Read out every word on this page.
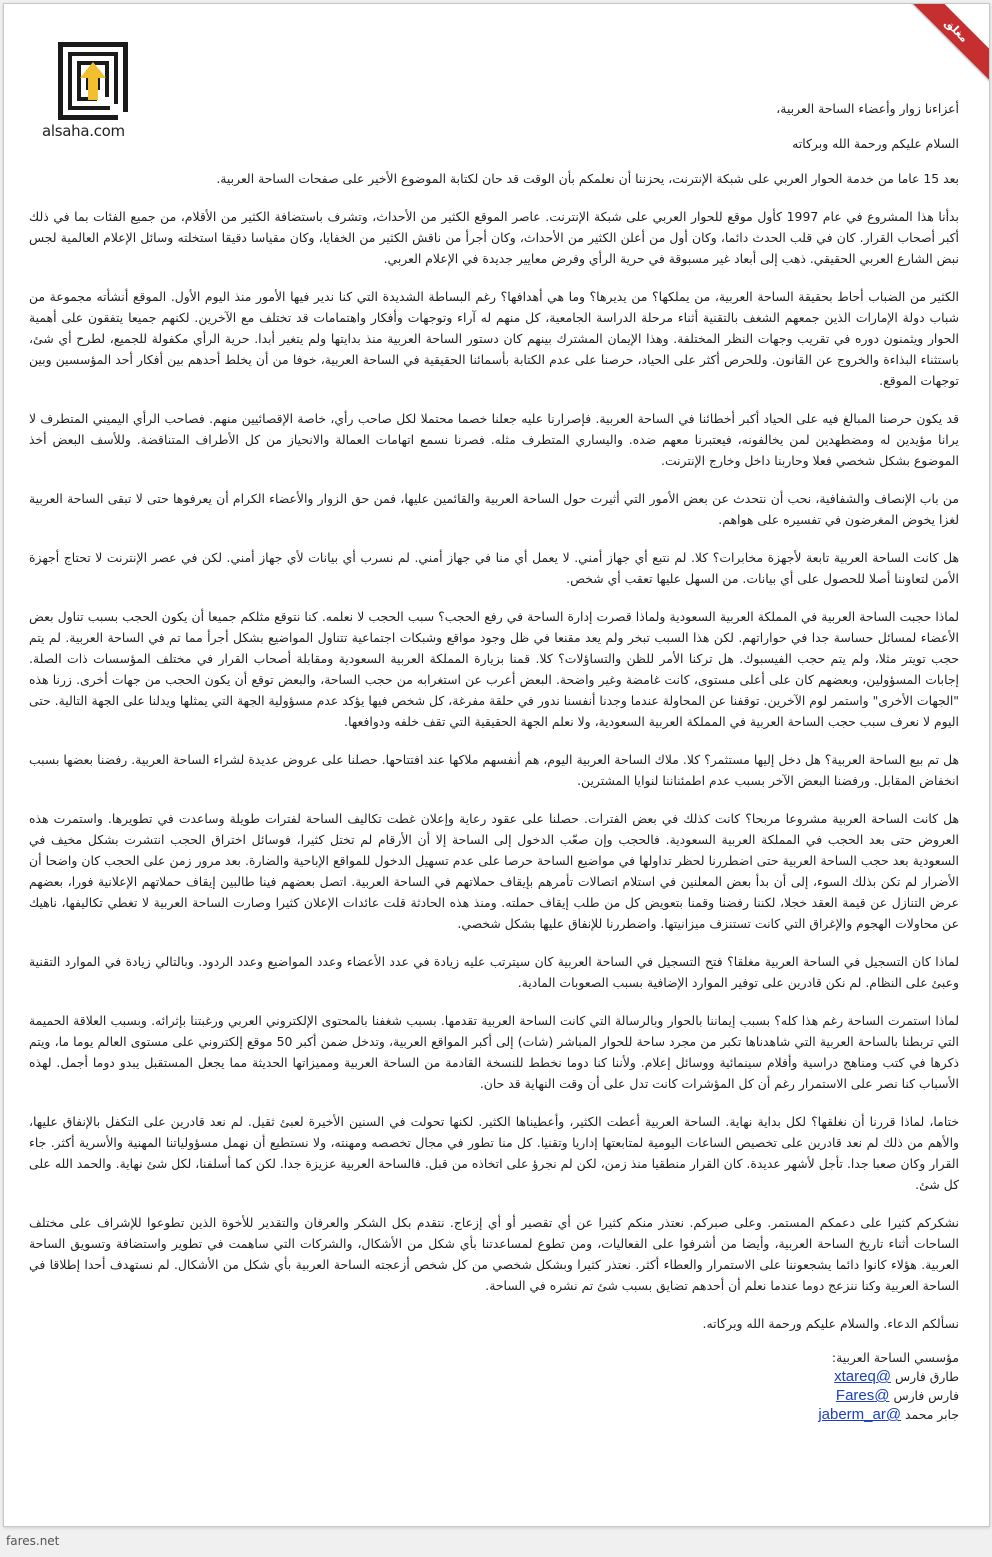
مغلق
alsaha.com

أعزاءنا زوار وأعضاء الساحة العربية،

السلام عليكم ورحمة الله وبركاته

بعد 15 عاما من خدمة الحوار العربي على شبكة الإنترنت، يحزننا أن نعلمكم بأن الوقت قد حان لكتابة الموضوع الأخير على صفحات الساحة العربية.

بدأنا هذا المشروع في عام 1997 كأول موقع للحوار العربي على شبكة الإنترنت. عاصر الموقع الكثير من الأحداث، وتشرف باستضافة الكثير من الأقلام، من جميع الفئات بما في ذلك أكبر أصحاب القرار. كان في قلب الحدث دائما، وكان أول من أعلن الكثير من الأحداث، وكان أجرأ من ناقش الكثير من الخفايا، وكان مقياسا دقيقا استخلته وسائل الإعلام العالمية لجس نبض الشارع العربي الحقيقي. ذهب إلى أبعاد غير مسبوقة في حرية الرأي وفرض معايير جديدة في الإعلام العربي.

الكثير من الضباب أحاط بحقيقة الساحة العربية، من يملكها؟ من يديرها؟ وما هي أهدافها؟ رغم البساطة الشديدة التي كنا ندير فيها الأمور منذ اليوم الأول. الموقع أنشأته مجموعة من شباب دولة الإمارات الذين جمعهم الشغف بالتقنية أثناء مرحلة الدراسة الجامعية، كل منهم له آراء وتوجهات وأفكار واهتمامات قد تختلف مع الآخرين. لكنهم جميعا يتفقون على أهمية الحوار ويثمنون دوره في تقريب وجهات النظر المختلفة. وهذا الإيمان المشترك بينهم كان دستور الساحة العربية منذ بدايتها ولم يتغير أبدا. حرية الرأي مكفولة للجميع، لطرح أي شئ، باستثناء البذاءة والخروج عن القانون. وللحرص أكثر على الحياد، حرصنا على عدم الكتابة بأسمائنا الحقيقية في الساحة العربية، خوفا من أن يخلط أحدهم بين أفكار أحد المؤسسين وبين توجهات الموقع.

قد يكون حرصنا المبالغ فيه على الحياد أكبر أخطائنا في الساحة العربية. فإصرارنا عليه جعلنا خصما محتملا لكل صاحب رأي، خاصة الإقصائيين منهم. فصاحب الرأي اليميني المتطرف لا يرانا مؤيدين له ومضطهدين لمن يخالفونه، فيعتبرنا معهم ضده. واليساري المتطرف مثله. فصرنا نسمع اتهامات العمالة والانحياز من كل الأطراف المتناقضة. وللأسف البعض أخذ الموضوع بشكل شخصي فعلا وحاربنا داخل وخارج الإنترنت.

من باب الإنصاف والشفافية، نحب أن نتحدث عن بعض الأمور التي أثيرت حول الساحة العربية والقائمين عليها، فمن حق الزوار والأعضاء الكرام أن يعرفوها حتى لا تبقى الساحة العربية لغزا يخوض المغرضون في تفسيره على هواهم.

هل كانت الساحة العربية تابعة لأجهزة مخابرات؟ كلا. لم نتبع أي جهاز أمني. لا يعمل أي منا في جهاز أمني. لم نسرب أي بيانات لأي جهاز أمني. لكن في عصر الإنترنت لا تحتاج أجهزة الأمن لتعاوننا أصلا للحصول على أي بيانات. من السهل عليها تعقب أي شخص.

لماذا حجبت الساحة العربية في المملكة العربية السعودية ولماذا قصرت إدارة الساحة في رفع الحجب؟ سبب الحجب لا نعلمه. كنا نتوقع مثلكم جميعا أن يكون الحجب بسبب تناول بعض الأعضاء لمسائل حساسة جدا في حواراتهم. لكن هذا السبب تبخر ولم يعد مقنعا في ظل وجود مواقع وشبكات اجتماعية تتناول المواضيع بشكل أجرأ مما تم في الساحة العربية. لم يتم حجب تويتر مثلا، ولم يتم حجب الفيسبوك. هل تركنا الأمر للظن والتساؤلات؟ كلا. قمنا بزيارة المملكة العربية السعودية ومقابلة أصحاب القرار في مختلف المؤسسات ذات الصلة. إجابات المسؤولين، وبعضهم كان على أعلى مستوى، كانت غامضة وغير واضحة. البعض أعرب عن استغرابه من حجب الساحة، والبعض توقع أن يكون الحجب من جهات أخرى. زرنا هذه "الجهات الأخرى" واستمر لوم الآخرين. توقفنا عن المحاولة عندما وجدنا أنفسنا ندور في حلقة مفرغة، كل شخص فيها يؤكد عدم مسؤولية الجهة التي يمثلها ويدلنا على الجهة التالية. حتى اليوم لا نعرف سبب حجب الساحة العربية في المملكة العربية السعودية، ولا نعلم الجهة الحقيقية التي تقف خلفه ودوافعها.

هل تم بيع الساحة العربية؟ هل دخل إليها مستثمر؟ كلا. ملاك الساحة العربية اليوم، هم أنفسهم ملاكها عند افتتاحها. حصلنا على عروض عديدة لشراء الساحة العربية. رفضنا بعضها بسبب انخفاض المقابل. ورفضنا البعض الآخر بسبب عدم اطمئناننا لنوايا المشترين.

هل كانت الساحة العربية مشروعا مربحا؟ كانت كذلك في بعض الفترات. حصلنا على عقود رعاية وإعلان غطت تكاليف الساحة لفترات طويلة وساعدت في تطويرها. واستمرت هذه العروض حتى بعد الحجب في المملكة العربية السعودية. فالحجب وإن صعّب الدخول إلى الساحة إلا أن الأرقام لم تختل كثيرا، فوسائل اختراق الحجب انتشرت بشكل مخيف في السعودية بعد حجب الساحة العربية حتى اضطررنا لحظر تداولها في مواضيع الساحة حرصا على عدم تسهيل الدخول للمواقع الإباحية والضارة. بعد مرور زمن على الحجب كان واضحا أن الأضرار لم تكن بذلك السوء، إلى أن بدأ بعض المعلنين في استلام اتصالات تأمرهم بإيقاف حملاتهم في الساحة العربية. اتصل بعضهم فينا طالبين إيقاف حملاتهم الإعلانية فورا، بعضهم عرض التنازل عن قيمة العقد خجلا، لكننا رفضنا وقمنا بتعويض كل من طلب إيقاف حملته. ومنذ هذه الحادثة قلت عائدات الإعلان كثيرا وصارت الساحة العربية لا تغطي تكاليفها، ناهيك عن محاولات الهجوم والإغراق التي كانت تستنزف ميزانيتها. واضطررنا للإنفاق عليها بشكل شخصي.

لماذا كان التسجيل في الساحة العربية مغلقا؟ فتح التسجيل في الساحة العربية كان سيترتب عليه زيادة في عدد الأعضاء وعدد المواضيع وعدد الردود. وبالتالي زيادة في الموارد التقنية وعبئ على النظام. لم نكن قادرين على توفير الموارد الإضافية بسبب الصعوبات المادية.

لماذا استمرت الساحة رغم هذا كله؟ بسبب إيماننا بالحوار وبالرسالة التي كانت الساحة العربية تقدمها. بسبب شغفنا بالمحتوى الإلكتروني العربي ورغبتنا بإثرائه. وبسبب العلاقة الحميمة التي تربطنا بالساحة العربية التي شاهدناها تكبر من مجرد ساحة للحوار المباشر (شات) إلى أكبر المواقع العربية، وتدخل ضمن أكبر 50 موقع إلكتروني على مستوى العالم يوما ما، ويتم ذكرها في كتب ومناهج دراسية وأفلام سينمائية ووسائل إعلام. ولأننا كنا دوما نخطط للنسخة القادمة من الساحة العربية ومميزاتها الحديثة مما يجعل المستقبل يبدو دوما أجمل. لهذه الأسباب كنا نصر على الاستمرار رغم أن كل المؤشرات كانت تدل على أن وقت النهاية قد حان.

ختاما، لماذا قررنا أن نغلقها؟ لكل بداية نهاية. الساحة العربية أعطت الكثير، وأعطيناها الكثير. لكنها تحولت في السنين الأخيرة لعبئ ثقيل. لم نعد قادرين على التكفل بالإنفاق عليها، والأهم من ذلك لم نعد قادرين على تخصيص الساعات اليومية لمتابعتها إداريا وتقنيا. كل منا تطور في مجال تخصصه ومهنته، ولا نستطيع أن نهمل مسؤولياتنا المهنية والأسرية أكثر. جاء القرار وكان صعبا جدا. تأجل لأشهر عديدة. كان القرار منطقيا منذ زمن، لكن لم نجرؤ على اتخاذه من قبل. فالساحة العربية عزيزة جدا. لكن كما أسلفنا، لكل شئ نهاية. والحمد الله على كل شئ.

نشكركم كثيرا على دعمكم المستمر. وعلى صبركم. نعتذر منكم كثيرا عن أي تقصير أو أي إزعاج. نتقدم بكل الشكر والعرفان والتقدير للأخوة الذين تطوعوا للإشراف على مختلف الساحات أثناء تاريخ الساحة العربية، وأيضا من أشرفوا على الفعاليات، ومن تطوع لمساعدتنا بأي شكل من الأشكال، والشركات التي ساهمت في تطوير واستضافة وتسويق الساحة العربية. هؤلاء كانوا دائما يشجعوننا على الاستمرار والعطاء أكثر. نعتذر كثيرا وبشكل شخصي من كل شخص أزعجته الساحة العربية بأي شكل من الأشكال. لم نستهدف أحدا إطلاقا في الساحة العربية وكنا ننزعج دوما عندما نعلم أن أحدهم تضايق بسبب شئ تم نشره في الساحة.

نسألكم الدعاء. والسلام عليكم ورحمة الله وبركاته.

مؤسسي الساحة العربية:
طارق فارس @xtareq
فارس فارس @Fares
جابر محمد @jaberm_ar
fares.net
